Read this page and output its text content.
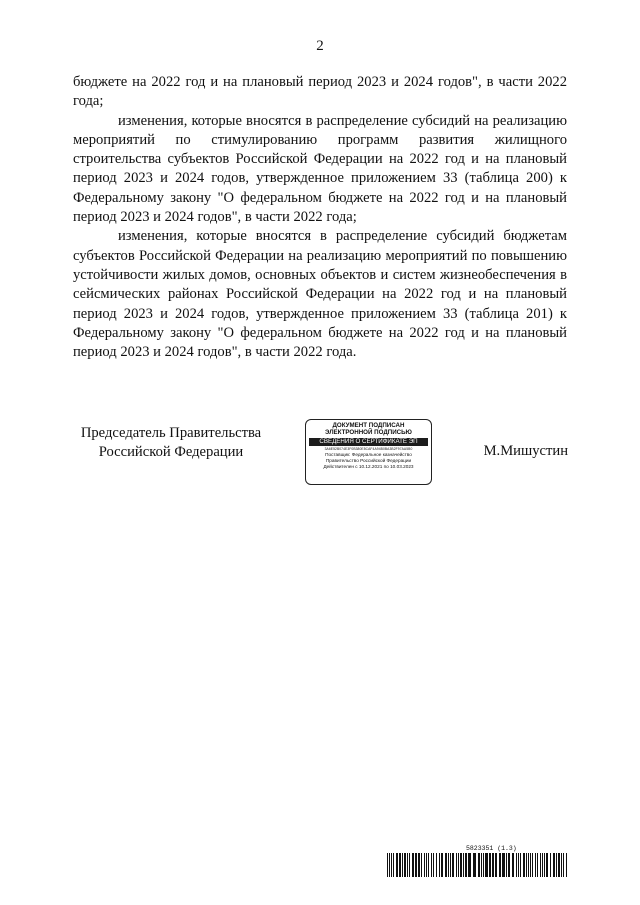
2

бюджете на 2022 год и на плановый период 2023 и 2024 годов", в части 2022 года;

изменения, которые вносятся в распределение субсидий на реализацию мероприятий по стимулированию программ развития жилищного строительства субъектов Российской Федерации на 2022 год и на плановый период 2023 и 2024 годов, утвержденное приложением 33 (таблица 200) к Федеральному закону "О федеральном бюджете на 2022 год и на плановый период 2023 и 2024 годов", в части 2022 года;

изменения, которые вносятся в распределение субсидий бюджетам субъектов Российской Федерации на реализацию мероприятий по повышению устойчивости жилых домов, основных объектов и систем жизнеобеспечения в сейсмических районах Российской Федерации на 2022 год и на плановый период 2023 и 2024 годов, утвержденное приложением 33 (таблица 201) к Федеральному закону "О федеральном бюджете на 2022 год и на плановый период 2023 и 2024 годов", в части 2022 года.

Председатель Правительства
Российской Федерации
ДОКУМЕНТ ПОДПИСАН
ЭЛЕКТРОННОЙ ПОДПИСЬЮ
СВЕДЕНИЯ О СЕРТИФИКАТЕ ЭП
3A6E52B074E3F0B380E5CAF4A94B0BA3B2F97AA5B0
Поставщик: Федеральное казначейство
Правительство Российской Федерации
Действителен с 10.12.2021 по 10.03.2023
М.Мишустин
5823351 (1.3)
